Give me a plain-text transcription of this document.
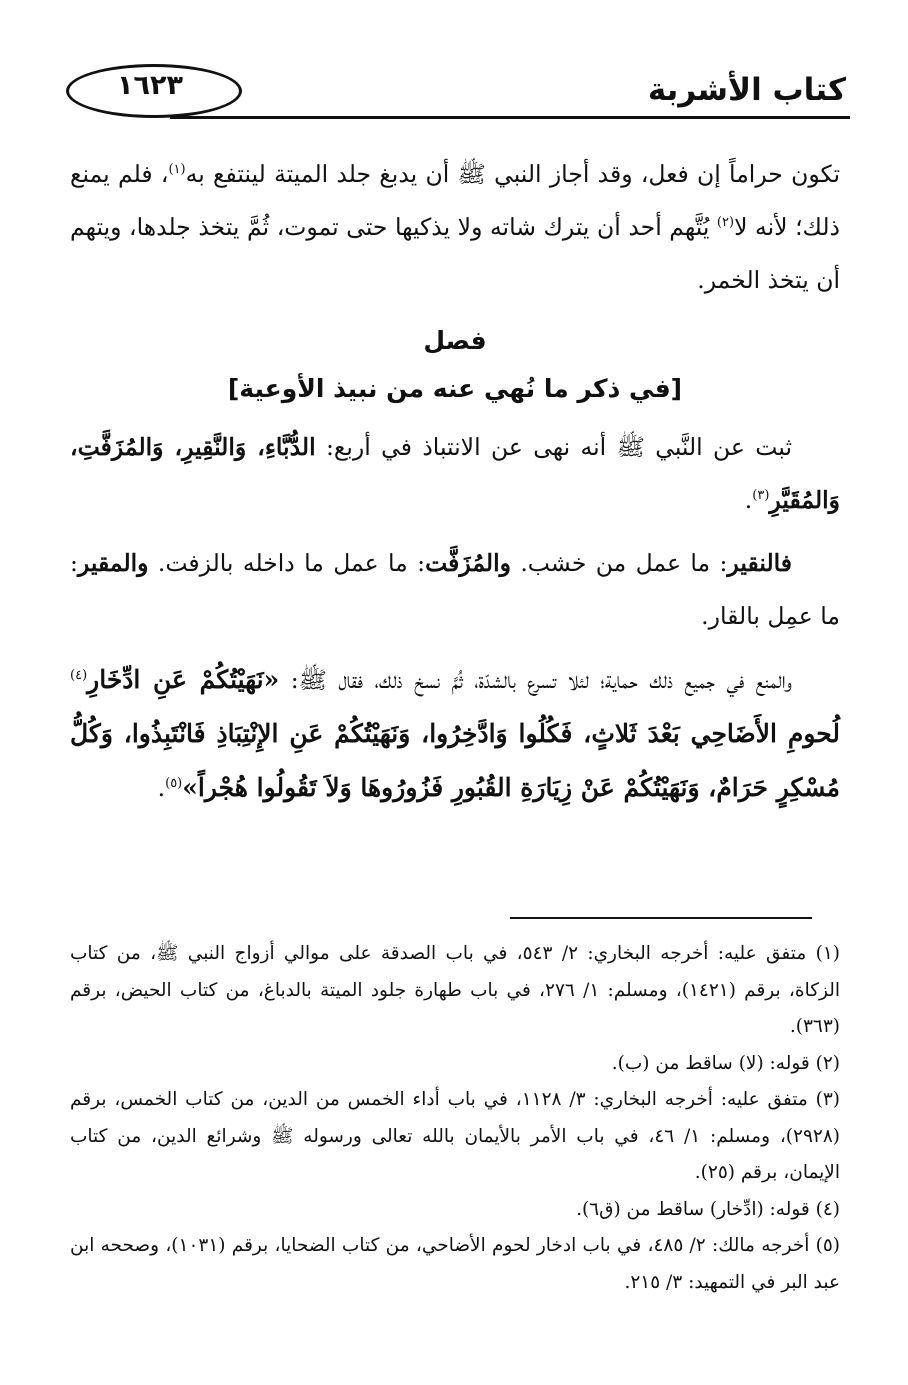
١٦٢٣	كتاب الأشربة

تكون حراماً إن فعل، وقد أجاز النبي ﷺ أن يدبغ جلد الميتة لينتفع به$^{(١)}$، فلم يمنع ذلك؛ لأنه لا$^{(٢)}$ يُتَّهم أحد أن يترك شاته ولا يذكيها حتى تموت، ثُمَّ يتخذ جلدها، ويتهم أن يتخذ الخمر.

فصل

[في ذكر ما نُهي عنه من نبيذ الأوعية]

ثبت عن النَّبي ﷺ أنه نهى عن الانتباذ في أربع: الدُّبَّاءِ، وَالنَّقِيرِ، وَالمُزَفَّتِ، وَالمُقَيَّرِ$^{(٣)}$.

فالنقير: ما عمل من خشب. والمُزَفَّت: ما عمل ما داخله بالزفت. والمقير: ما عمِل بالقار.

والمنع في جميع ذلك حماية؛ لئلا تسرع بالشدّة، ثُمَّ نسخ ذلك، فقال ﷺ: «نَهَيْتُكُمْ عَنِ ادِّخَارِ$^{(٤)}$ لُحومِ الأَضَاحِي بَعْدَ ثَلاثٍ، فَكُلُوا وَادَّخِرُوا، وَنَهَيْتُكُمْ عَنِ الإِنْتِبَاذِ فَانْتَبِذُوا، وَكُلُّ مُسْكِرٍ حَرَامٌ، وَنَهَيْتُكُمْ عَنْ زِيَارَةِ القُبُورِ فَزُورُوهَا وَلاَ تَقُولُوا هُجْراً»$^{(٥)}$.

(١) متفق عليه: أخرجه البخاري: ٢/ ٥٤٣، في باب الصدقة على موالي أزواج النبي ﷺ، من كتاب الزكاة، برقم (١٤٢١)، ومسلم: ١/ ٢٧٦، في باب طهارة جلود الميتة بالدباغ، من كتاب الحيض، برقم (٣٦٣).

(٢) قوله: (لا) ساقط من (ب).

(٣) متفق عليه: أخرجه البخاري: ٣/ ١١٢٨، في باب أداء الخمس من الدين، من كتاب الخمس، برقم (٢٩٢٨)، ومسلم: ١/ ٤٦، في باب الأمر بالأيمان بالله تعالى ورسوله ﷺ وشرائع الدين، من كتاب الإيمان، برقم (٢٥).

(٤) قوله: (ادِّخار) ساقط من (ق٦).

(٥) أخرجه مالك: ٢/ ٤٨٥، في باب ادخار لحوم الأضاحي، من كتاب الضحايا، برقم (١٠٣١)، وصححه ابن عبد البر في التمهيد: ٣/ ٢١٥.
